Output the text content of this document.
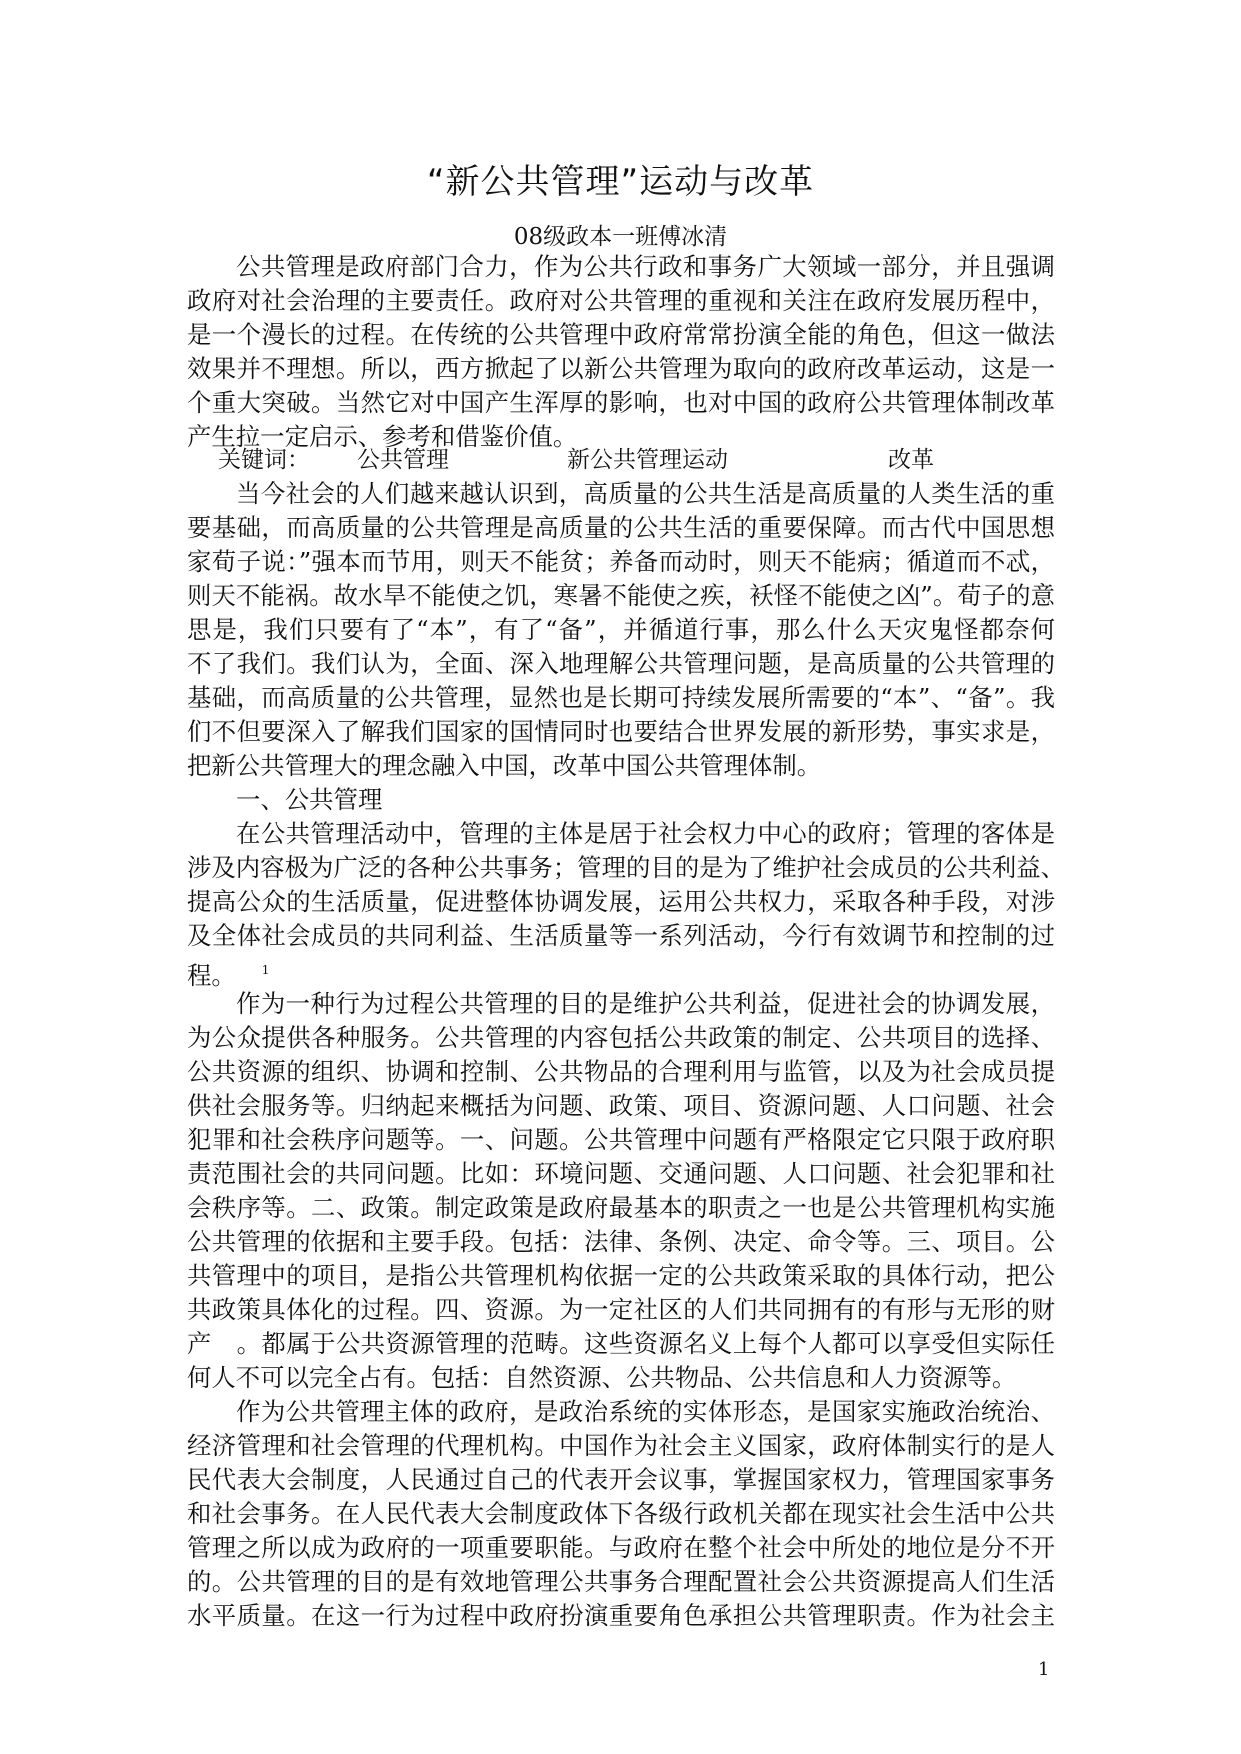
“新公共管理”运动与改革
08级政本一班傅冰清
公共管理是政府部门合力，作为公共行政和事务广大领域一部分，并且强调
政府对社会治理的主要责任。政府对公共管理的重视和关注在政府发展历程中，
是一个漫长的过程。在传统的公共管理中政府常常扮演全能的角色，但这一做法
效果并不理想。所以，西方掀起了以新公共管理为取向的政府改革运动，这是一
个重大突破。当然它对中国产生浑厚的影响，也对中国的政府公共管理体制改革
产生拉一定启示、参考和借鉴价值。
关键词： 公共管理	新公共管理运动	改革
当今社会的人们越来越认识到，高质量的公共生活是高质量的人类生活的重
要基础，而高质量的公共管理是高质量的公共生活的重要保障。而古代中国思想
家荀子说：”强本而节用，则天不能贫；养备而动时，则天不能病；循道而不忒，
则天不能祸。故水旱不能使之饥，寒暑不能使之疾，袄怪不能使之凶”。荀子的意
思是，我们只要有了“本”，有了“备”，并循道行事，那么什么天灾鬼怪都奈何
不了我们。我们认为，全面、深入地理解公共管理问题，是高质量的公共管理的
基础，而高质量的公共管理，显然也是长期可持续发展所需要的“本”、“备”。我
们不但要深入了解我们国家的国情同时也要结合世界发展的新形势，事实求是，
把新公共管理大的理念融入中国，改革中国公共管理体制。
一、公共管理
在公共管理活动中，管理的主体是居于社会权力中心的政府；管理的客体是
涉及内容极为广泛的各种公共事务；管理的目的是为了维护社会成员的公共利益、
提高公众的生活质量，促进整体协调发展，运用公共权力，采取各种手段，对涉
及全体社会成员的共同利益、生活质量等一系列活动，今行有效调节和控制的过
程。 $^1$
作为一种行为过程公共管理的目的是维护公共利益，促进社会的协调发展，
为公众提供各种服务。公共管理的内容包括公共政策的制定、公共项目的选择、
公共资源的组织、协调和控制、公共物品的合理利用与监管，以及为社会成员提
供社会服务等。归纳起来概括为问题、政策、项目、资源问题、人口问题、社会
犯罪和社会秩序问题等。一、问题。公共管理中问题有严格限定它只限于政府职
责范围社会的共同问题。比如：环境问题、交通问题、人口问题、社会犯罪和社
会秩序等。二、政策。制定政策是政府最基本的职责之一也是公共管理机构实施
公共管理的依据和主要手段。包括：法律、条例、决定、命令等。三、项目。公
共管理中的项目，是指公共管理机构依据一定的公共政策采取的具体行动，把公
共政策具体化的过程。四、资源。为一定社区的人们共同拥有的有形与无形的财
产　。都属于公共资源管理的范畴。这些资源名义上每个人都可以享受但实际任
何人不可以完全占有。包括：自然资源、公共物品、公共信息和人力资源等。
作为公共管理主体的政府，是政治系统的实体形态，是国家实施政治统治、
经济管理和社会管理的代理机构。中国作为社会主义国家，政府体制实行的是人
民代表大会制度，人民通过自己的代表开会议事，掌握国家权力，管理国家事务
和社会事务。在人民代表大会制度政体下各级行政机关都在现实社会生活中公共
管理之所以成为政府的一项重要职能。与政府在整个社会中所处的地位是分不开
的。公共管理的目的是有效地管理公共事务合理配置社会公共资源提高人们生活
水平质量。在这一行为过程中政府扮演重要角色承担公共管理职责。作为社会主
1
